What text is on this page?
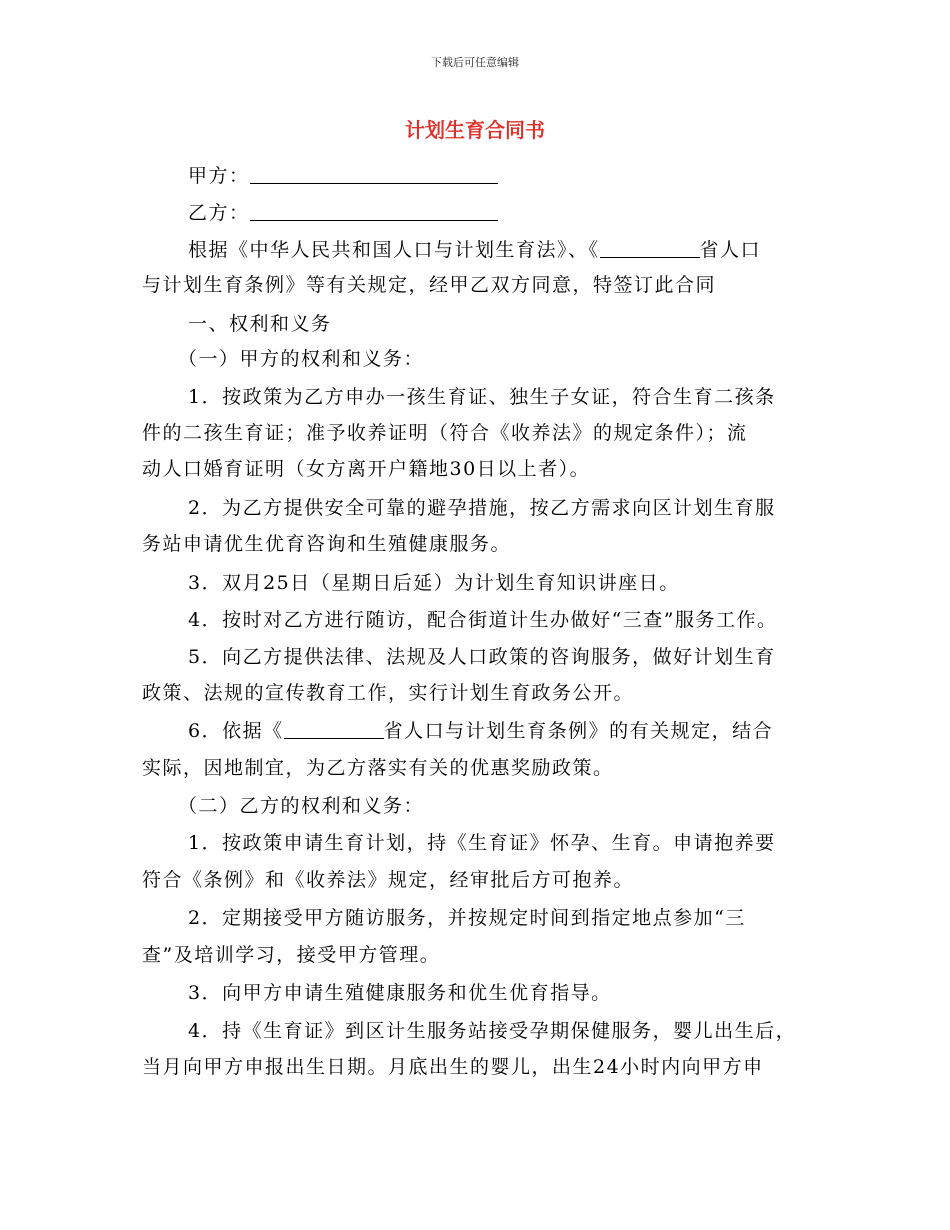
下载后可任意编辑
计划生育合同书
甲方：
乙方：
根据《中华人民共和国人口与计划生育法》、《	省人口
与计划生育条例》等有关规定，经甲乙双方同意，特签订此合同
一、权利和义务
（一）甲方的权利和义务：
1．按政策为乙方申办一孩生育证、独生子女证，符合生育二孩条
件的二孩生育证；准予收养证明（符合《收养法》的规定条件）；流
动人口婚育证明（女方离开户籍地30日以上者）。
2．为乙方提供安全可靠的避孕措施，按乙方需求向区计划生育服
务站申请优生优育咨询和生殖健康服务。
3．双月25日（星期日后延）为计划生育知识讲座日。
4．按时对乙方进行随访，配合街道计生办做好“三查”服务工作。
5．向乙方提供法律、法规及人口政策的咨询服务，做好计划生育
政策、法规的宣传教育工作，实行计划生育政务公开。
6．依据《	省人口与计划生育条例》的有关规定，结合
实际，因地制宜，为乙方落实有关的优惠奖励政策。
（二）乙方的权利和义务：
1．按政策申请生育计划，持《生育证》怀孕、生育。申请抱养要
符合《条例》和《收养法》规定，经审批后方可抱养。
2．定期接受甲方随访服务，并按规定时间到指定地点参加“三
查”及培训学习，接受甲方管理。
3．向甲方申请生殖健康服务和优生优育指导。
4．持《生育证》到区计生服务站接受孕期保健服务，婴儿出生后，
当月向甲方申报出生日期。月底出生的婴儿，出生24小时内向甲方申
